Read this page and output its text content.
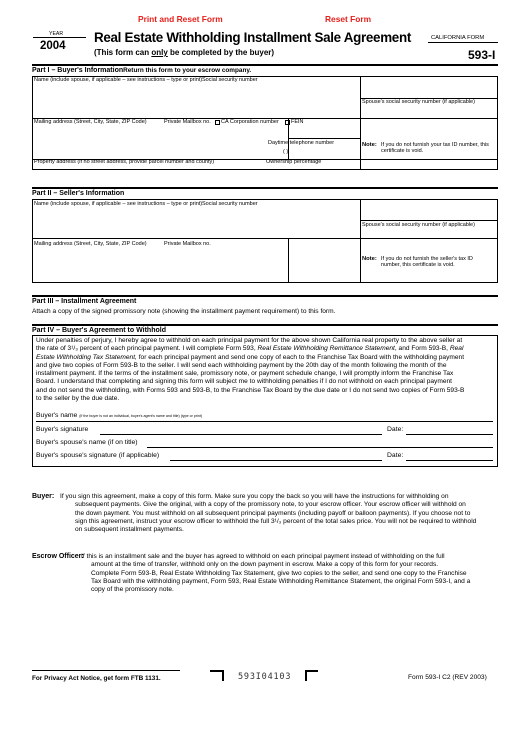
Print and Reset Form	Reset Form
YEAR
2004
Real Estate Withholding Installment Sale Agreement
(This form can only be completed by the buyer)
CALIFORNIA FORM
593-I
Part I – Buyer's InformationReturn this form to your escrow company.
Name (include spouse, if applicable – see instructions – type or print) Social security number
Spouse's social security number (if applicable)
Mailing address (Street, City, State, ZIP Code)	Private Mailbox no. CA Corporation number FEIN
Daytime telephone number
( )
Note: If you do not furnish your tax ID number, this certificate is void.
Property address (if no street address, provide parcel number and county)	Ownership percentage
Part II – Seller's Information
Name (include spouse, if applicable – see instructions – type or print) Social security number
Spouse's social security number (if applicable)
Mailing address (Street, City, State, ZIP Code)	Private Mailbox no.
Note: If you do not furnish the seller's tax ID number, this certificate is void.
Part III – Installment Agreement
Attach a copy of the signed promissory note (showing the installment payment requirement) to this form.
Part IV – Buyer's Agreement to Withhold
Under penalties of perjury, I hereby agree to withhold on each principal payment for the above shown California real property to the above seller at
the rate of 3¹/₃ percent of each principal payment. I will complete Form 593, Real Estate Withholding Remittance Statement, and Form 593-B, Real
Estate Withholding Tax Statement, for each principal payment and send one copy of each to the Franchise Tax Board with the withholding payment
and give two copies of Form 593-B to the seller. I will send each withholding payment by the 20th day of the month following the month of the
installment payment. If the terms of the installment sale, promissory note, or payment schedule change, I will promptly inform the Franchise Tax
Board. I understand that completing and signing this form will subject me to withholding penalties if I do not withhold on each principal payment
and do not send the withholding, with Forms 593 and 593-B, to the Franchise Tax Board by the due date or I do not send two copies of Form 593-B
to the seller by the due date.
Buyer's name (If the buyer is not an individual, buyer's agent's name and title) (type or print)
Buyer's signature	Date:
Buyer's spouse's name (if on title)
Buyer's spouse's signature (if applicable)	Date:
Buyer: If you sign this agreement, make a copy of this form. Make sure you copy the back so you will have the instructions for withholding on
subsequent payments. Give the original, with a copy of the promissory note, to your escrow officer. Your escrow officer will withhold on
the down payment. You must withhold on all subsequent principal payments (including payoff or balloon payments). If you choose not to
sign this agreement, instruct your escrow officer to withhold the full 3¹/₃ percent of the total sales price. You will not be required to withhold
on subsequent installment payments.
Escrow Officer:
If this is an installment sale and the buyer has agreed to withhold on each principal payment instead of withholding on the full
amount at the time of transfer, withhold only on the down payment in escrow. Make a copy of this form for your records.
Complete Form 593-B, Real Estate Withholding Tax Statement, give two copies to the seller, and send one copy to the Franchise
Tax Board with the withholding payment, Form 593, Real Estate Withholding Remittance Statement, the original Form 593-I, and a
copy of the promissory note.
For Privacy Act Notice, get form FTB 1131.	593I04103	Form 593-I C2 (REV 2003)
